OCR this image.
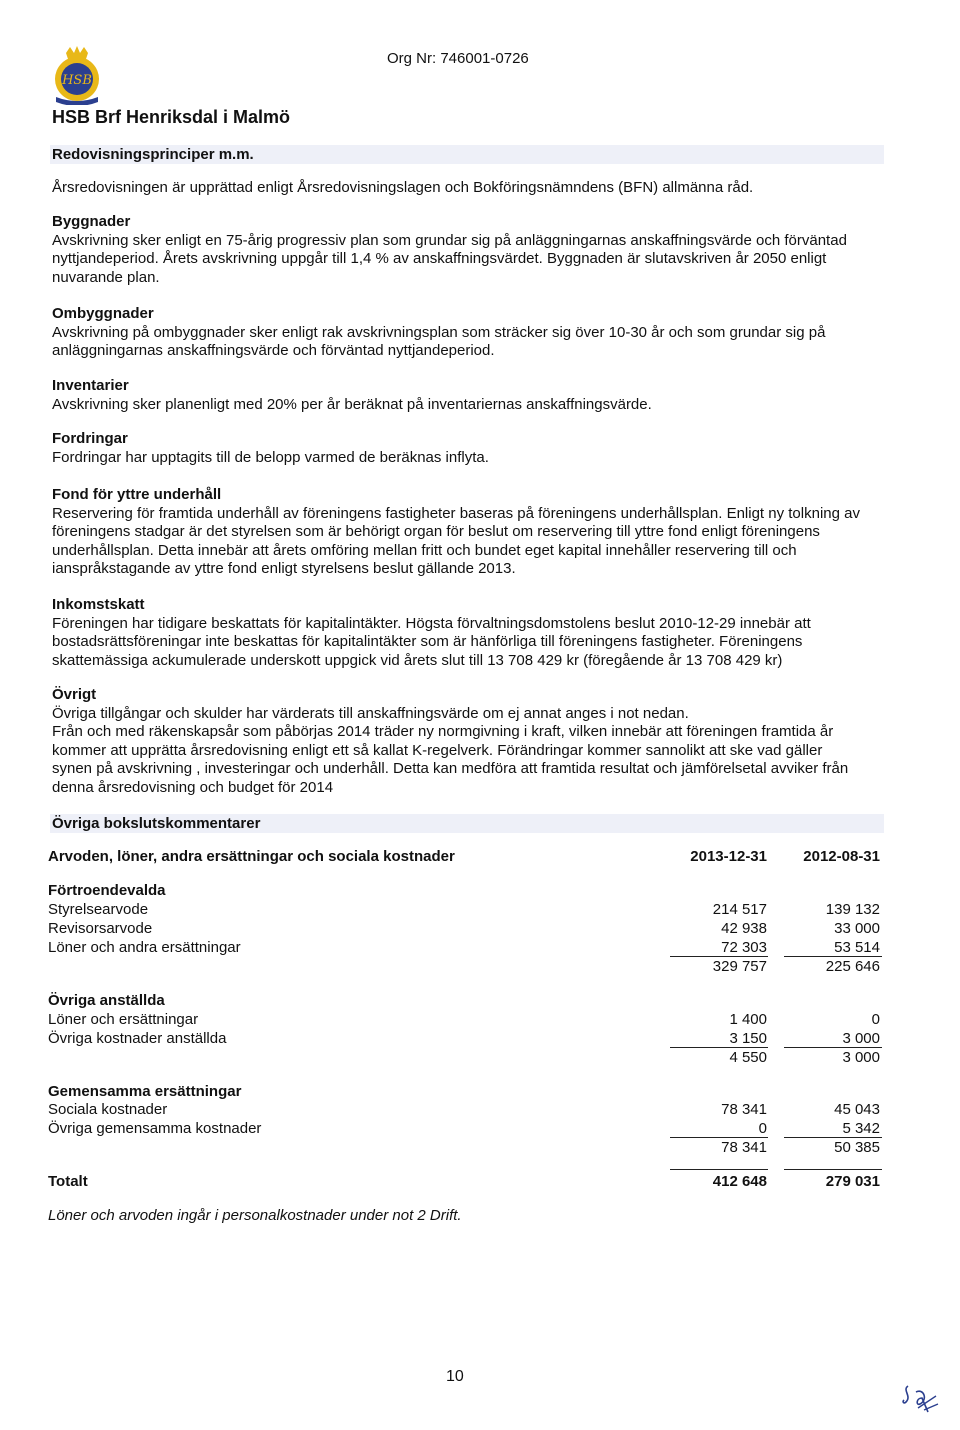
HSB
Org Nr: 746001-0726
HSB Brf Henriksdal i Malmö
Redovisningsprinciper m.m.

Årsredovisningen är upprättad enligt Årsredovisningslagen och Bokföringsnämndens (BFN) allmänna råd.

Byggnader

Avskrivning sker enligt en 75-årig progressiv plan som grundar sig på anläggningarnas anskaffningsvärde och förväntad

nyttjandeperiod. Årets avskrivning uppgår till 1,4 % av anskaffningsvärdet. Byggnaden är slutavskriven år 2050 enligt

nuvarande plan.

Ombyggnader

Avskrivning på ombyggnader sker enligt rak avskrivningsplan som sträcker sig över 10-30 år och som grundar sig på

anläggningarnas anskaffningsvärde och förväntad nyttjandeperiod.

Inventarier

Avskrivning sker planenligt med 20% per år beräknat på inventariernas anskaffningsvärde.

Fordringar

Fordringar har upptagits till de belopp varmed de beräknas inflyta.

Fond för yttre underhåll

Reservering för framtida underhåll av föreningens fastigheter baseras på föreningens underhållsplan. Enligt ny tolkning av

föreningens stadgar är det styrelsen som är behörigt organ för beslut om reservering till yttre fond enligt föreningens

underhållsplan. Detta innebär att årets omföring mellan fritt och bundet eget kapital innehåller reservering till och

ianspråkstagande av yttre fond enligt styrelsens beslut gällande 2013.

Inkomstskatt

Föreningen har tidigare beskattats för kapitalintäkter. Högsta förvaltningsdomstolens beslut 2010-12-29 innebär att

bostadsrättsföreningar inte beskattas för kapitalintäkter som är hänförliga till föreningens fastigheter. Föreningens

skattemässiga ackumulerade underskott uppgick vid årets slut till 13 708 429 kr (föregående år 13 708 429 kr)

Övrigt

Övriga tillgångar och skulder har värderats till anskaffningsvärde om ej annat anges i not nedan.

Från och med räkenskapsår som påbörjas 2014 träder ny normgivning i kraft, vilken innebär att föreningen framtida år

kommer att upprätta årsredovisning enligt ett så kallat K-regelverk. Förändringar kommer sannolikt att ske vad gäller

synen på avskrivning , investeringar och underhåll. Detta kan medföra att framtida resultat och jämförelsetal avviker från

denna årsredovisning och budget för 2014

Övriga bokslutskommentarer
Arvoden, löner, andra ersättningar och sociala kostnader	2013-12-31 2012-08-31
Förtroendevalda
Styrelsearvode	214 517	139 132
Revisorsarvode	42 938	33 000
Löner och andra ersättningar	72 303	53 514
329 757	225 646
Övriga anställda
Löner och ersättningar	1 400	0
Övriga kostnader anställda	3 150	3 000
4 550	3 000
Gemensamma ersättningar
Sociala kostnader	78 341	45 043
Övriga gemensamma kostnader	0	5 342
78 341	50 385
Totalt	412 648	279 031
Löner och arvoden ingår i personalkostnader under not 2 Drift.
10
